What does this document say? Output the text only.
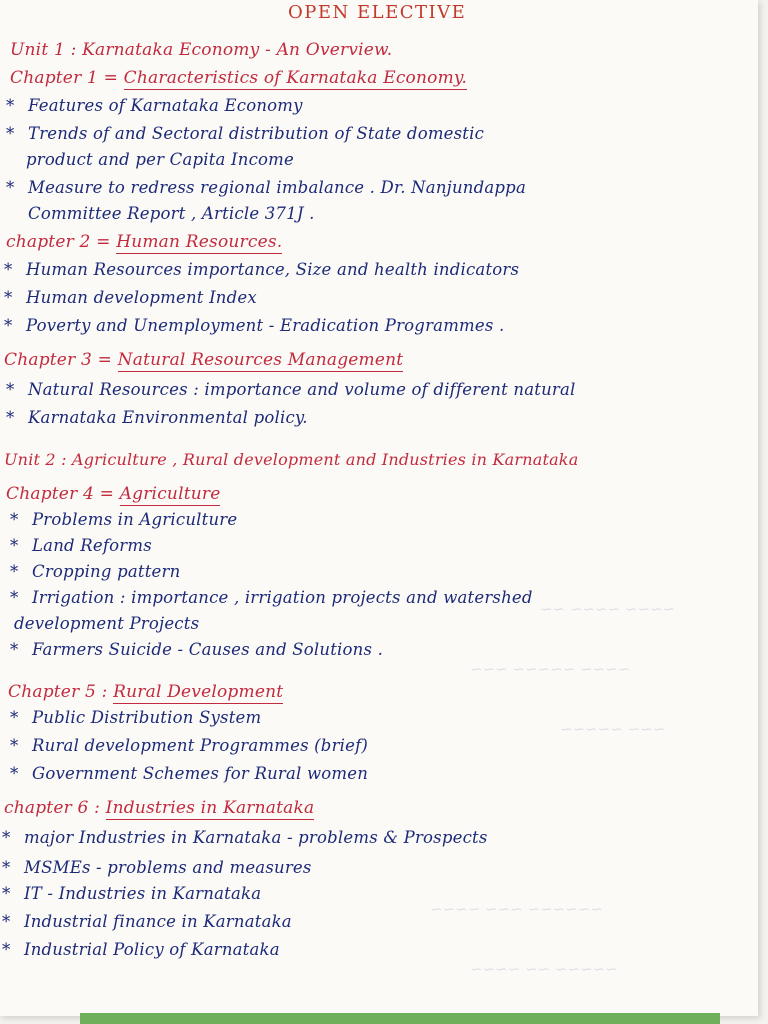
~~~~ ~~~~ ~~
~~~~ ~~~~~ ~~~
~~~ ~~~~~
~~~~~~ ~~~ ~~~~
~~~~~ ~~ ~~~~
OPEN ELECTIVE
Unit 1 : Karnataka Economy - An Overview.
Chapter 1 = Characteristics of Karnataka Economy.
* Features of Karnataka Economy
* Trends of and Sectoral distribution of State domestic
product and per Capita Income
* Measure to redress regional imbalance . Dr. Nanjundappa
Committee Report , Article 371J .
chapter 2 = Human Resources.
* Human Resources importance, Size and health indicators
* Human development Index
* Poverty and Unemployment - Eradication Programmes .
Chapter 3 = Natural Resources Management
* Natural Resources : importance and volume of different natural
* Karnataka Environmental policy.
Unit 2 : Agriculture , Rural development and Industries in Karnataka
Chapter 4 = Agriculture
* Problems in Agriculture
* Land Reforms
* Cropping pattern
* Irrigation : importance , irrigation projects and watershed
development Projects
* Farmers Suicide - Causes and Solutions .
Chapter 5 : Rural Development
* Public Distribution System
* Rural development Programmes (brief)
* Government Schemes for Rural women
chapter 6 : Industries in Karnataka
* major Industries in Karnataka - problems & Prospects
* MSMEs - problems and measures
* IT - Industries in Karnataka
* Industrial finance in Karnataka
* Industrial Policy of Karnataka
